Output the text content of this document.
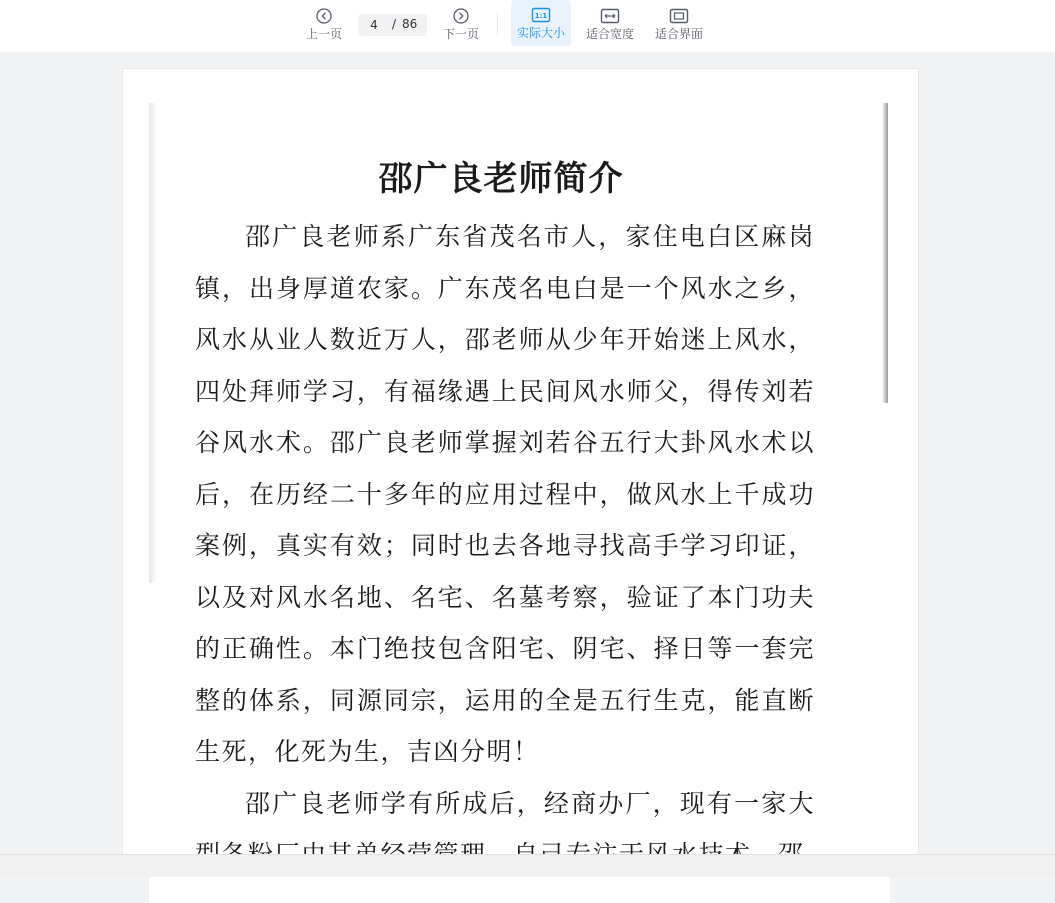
上一页
4
/ 86
下一页
1:1
实际大小 适合宽度 适合界面
邵广良老师简介

邵广良老师系广东省茂名市人，家住电白区麻岗镇，出身厚道农家。广东茂名电白是一个风水之乡，风水从业人数近万人，邵老师从少年开始迷上风水，四处拜师学习，有福缘遇上民间风水师父，得传刘若谷风水术。邵广良老师掌握刘若谷五行大卦风水术以后，在历经二十多年的应用过程中，做风水上千成功案例，真实有效；同时也去各地寻找高手学习印证，以及对风水名地、名宅、名墓考察，验证了本门功夫的正确性。本门绝技包含阳宅、阴宅、择日等一套完整的体系，同源同宗，运用的全是五行生克，能直断生死，化死为生，吉凶分明！

邵广良老师学有所成后，经商办厂，现有一家大
